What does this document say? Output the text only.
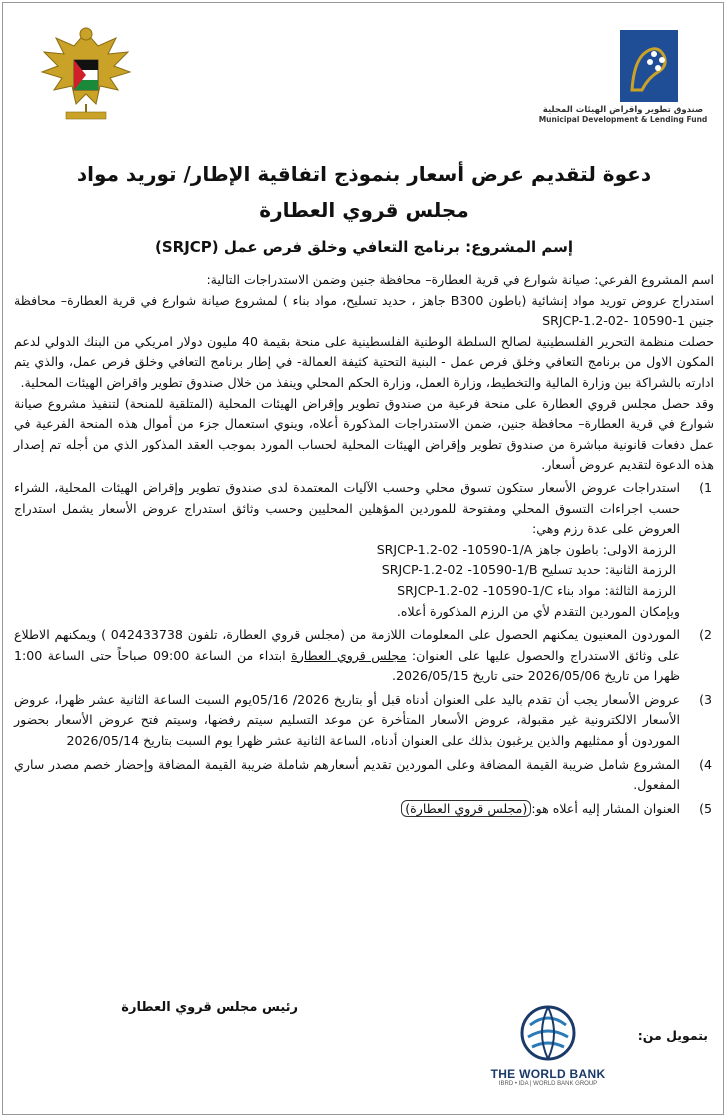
صندوق تطوير واقراض الهيئات المحلية
Municipal Development & Lending Fund
دعوة لتقديم عرض أسعار بنموذج اتفاقية الإطار/ توريد مواد
مجلس قروي العطارة
إسم المشروع: برنامج التعافي وخلق فرص عمل (SRJCP)

اسم المشروع الفرعي: صيانة شوارع في قرية العطارة– محافظة جنين وضمن الاستدراجات التالية:

استدراج عروض توريد مواد إنشائية (باطون B300 جاهز ، حديد تسليح، مواد بناء ) لمشروع صيانة شوارع في قرية العطارة– محافظة جنين 1-10590 -SRJCP-1.2-02

حصلت منظمة التحرير الفلسطينية لصالح السلطة الوطنية الفلسطينية على منحة بقيمة 40 مليون دولار امريكي من البنك الدولي لدعم المكون الاول من برنامج التعافي وخلق فرص عمل - البنية التحتية كثيفة العمالة- في إطار برنامج التعافي وخلق فرص عمل، والذي يتم ادارته بالشراكة بين وزارة المالية والتخطيط، وزارة العمل، وزارة الحكم المحلي وينفذ من خلال صندوق تطوير واقراض الهيئات المحلية.

وقد حصل مجلس قروي العطارة على منحة فرعية من صندوق تطوير وإقراض الهيئات المحلية (المتلقية للمنحة) لتنفيذ مشروع صيانة شوارع في قرية العطارة– محافظة جنين، ضمن الاستدراجات المذكورة أعلاه، وينوي استعمال جزء من أموال هذه المنحة الفرعية في عمل دفعات قانونية مباشرة من صندوق تطوير وإقراض الهيئات المحلية لحساب المورد بموجب العقد المذكور الذي من أجله تم إصدار هذه الدعوة لتقديم عروض أسعار.

(1

استدراجات عروض الأسعار ستكون تسوق محلي وحسب الآليات المعتمدة لدى صندوق تطوير وإقراض الهيئات المحلية، الشراء حسب اجراءات التسوق المحلي ومفتوحة للموردين المؤهلين المحليين وحسب وثائق استدراج عروض الأسعار يشمل استدراج العروض على عدة رزم وهي:

الرزمة الاولى: باطون جاهز SRJCP-1.2-02 -10590-1/A

الرزمة الثانية: حديد تسليح SRJCP-1.2-02 -10590-1/B

الرزمة الثالثة: مواد بناء SRJCP-1.2-02 -10590-1/C

ويإمكان الموردين التقدم لأي من الرزم المذكورة أعلاه.

(2

الموردون المعنيون يمكنهم الحصول على المعلومات اللازمة من (مجلس قروي العطارة، تلفون 042433738 ) ويمكنهم الاطلاع على وثائق الاستدراج والحصول عليها على العنوان: مجلس قروي العطارة ابتداء من الساعة 09:00 صباحاً حتى الساعة 1:00 ظهرا من تاريخ 2026/05/06 حتى تاريخ 2026/05/15.

(3

عروض الأسعار يجب أن تقدم باليد على العنوان أدناه قبل أو بتاريخ 2026/ 05/16يوم السبت الساعة الثانية عشر ظهرا، عروض الأسعار الالكترونية غير مقبولة، عروض الأسعار المتأخرة عن موعد التسليم سيتم رفضها، وسيتم فتح عروض الأسعار بحضور الموردون أو ممثليهم والذين يرغبون بذلك على العنوان أدناه، الساعة الثانية عشر ظهرا يوم السبت بتاريخ 2026/05/14

(4

المشروع شامل ضريبة القيمة المضافة وعلى الموردين تقديم أسعارهم شاملة ضريبة القيمة المضافة وإحضار خصم مصدر ساري المفعول.

(5

العنوان المشار إليه أعلاه هو:(مجلس قروي العطارة)

رئيس مجلس قروي العطارة
بتمويل من:
THE WORLD BANK
IBRD • IDA | WORLD BANK GROUP
